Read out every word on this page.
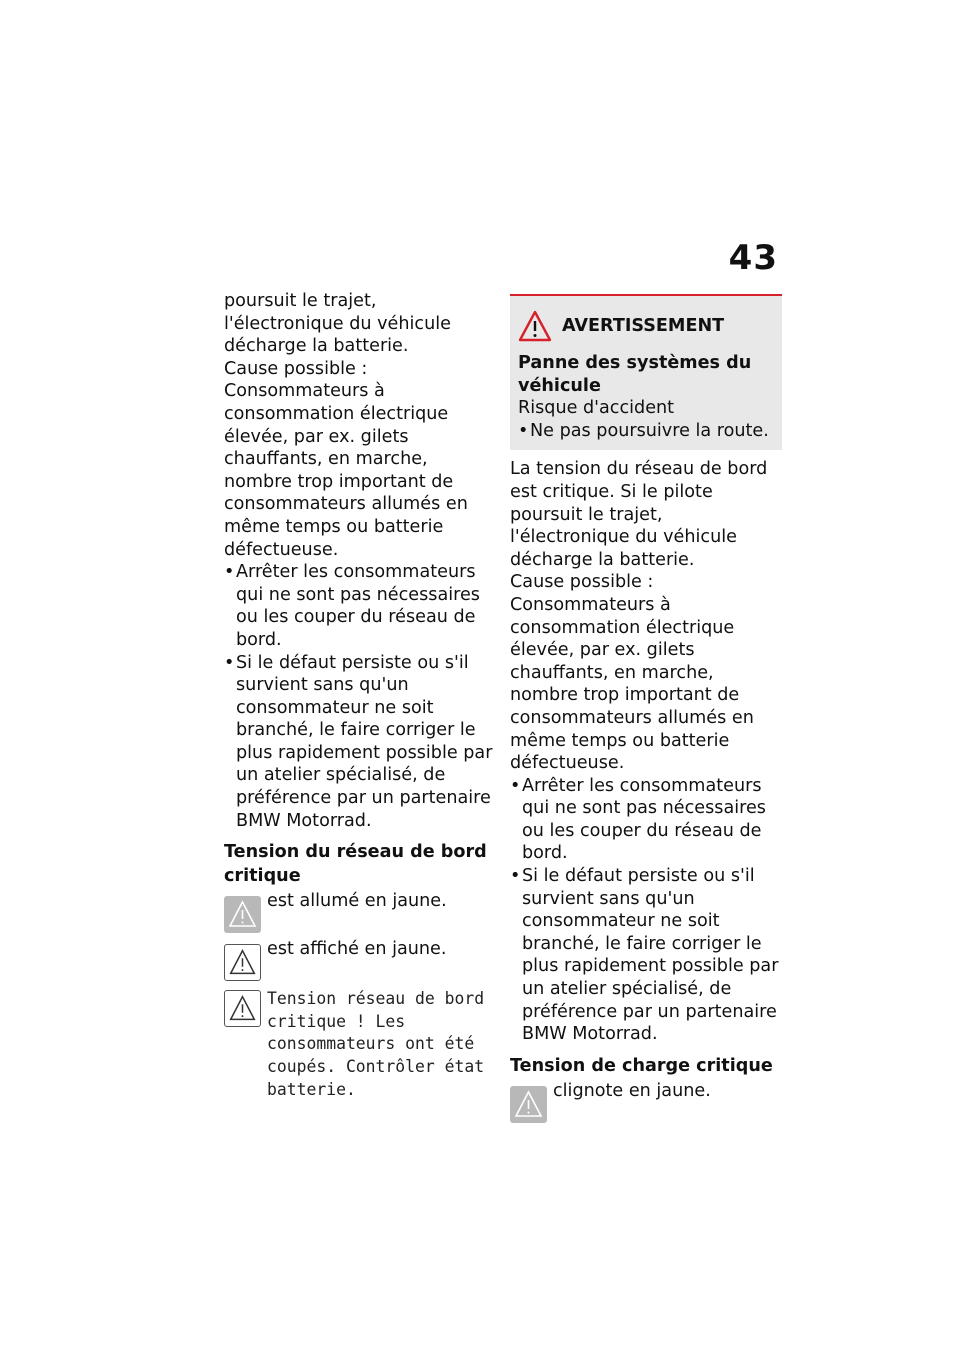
43

poursuit le trajet, l'électronique du véhicule décharge la batterie.

Cause possible :

Consommateurs à consommation électrique élevée, par ex. gilets chauffants, en marche, nombre trop important de consommateurs allumés en même temps ou batterie défectueuse.

• Arrêter les consommateurs qui ne sont pas nécessaires ou les couper du réseau de bord.
• Si le défaut persiste ou s'il survient sans qu'un consommateur ne soit branché, le faire corriger le plus rapidement possible par un atelier spécialisé, de préférence par un partenaire BMW Motorrad.

Tension du réseau de bord critique

est allumé en jaune.
est affiché en jaune.
Tension réseau de bord critique ! Les consommateurs ont été coupés. Contrôler état batterie.
AVERTISSEMENT

Panne des systèmes du véhicule

Risque d'accident

• Ne pas poursuivre la route.

La tension du réseau de bord est critique. Si le pilote poursuit le trajet, l'électronique du véhicule décharge la batterie.

Cause possible :

Consommateurs à consommation électrique élevée, par ex. gilets chauffants, en marche, nombre trop important de consommateurs allumés en même temps ou batterie défectueuse.

• Arrêter les consommateurs qui ne sont pas nécessaires ou les couper du réseau de bord.
• Si le défaut persiste ou s'il survient sans qu'un consommateur ne soit branché, le faire corriger le plus rapidement possible par un atelier spécialisé, de préférence par un partenaire BMW Motorrad.

Tension de charge critique

clignote en jaune.
